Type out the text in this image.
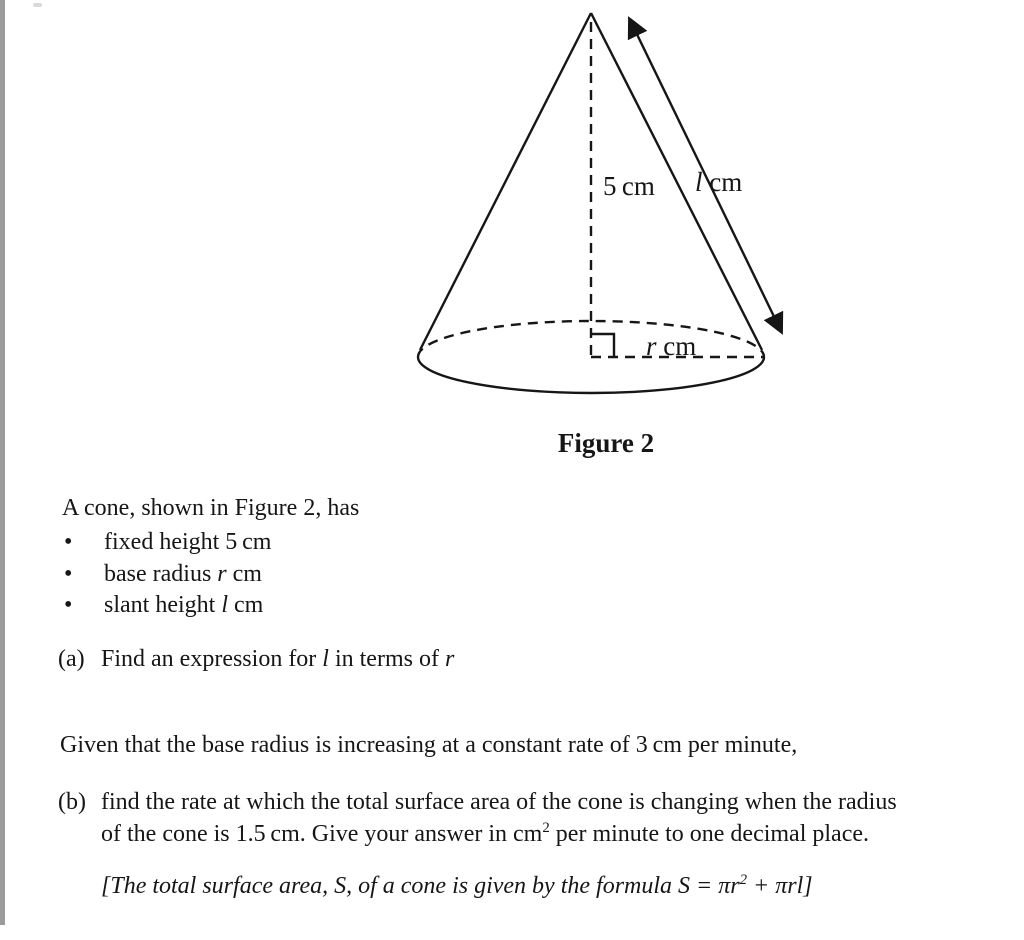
5 cm l cm
r cm
Figure 2
A cone, shown in Figure 2, has
• fixed height 5 cm
• base radius r cm
• slant height l cm
(a) Find an expression for l in terms of r
Given that the base radius is increasing at a constant rate of 3 cm per minute,
(b) find the rate at which the total surface area of the cone is changing when the radius
of the cone is 1.5 cm. Give your answer in $cm^2$ per minute to one decimal place.
[The total surface area, S, of a cone is given by the formula $S = \pi r^2 + \pi rl$]
